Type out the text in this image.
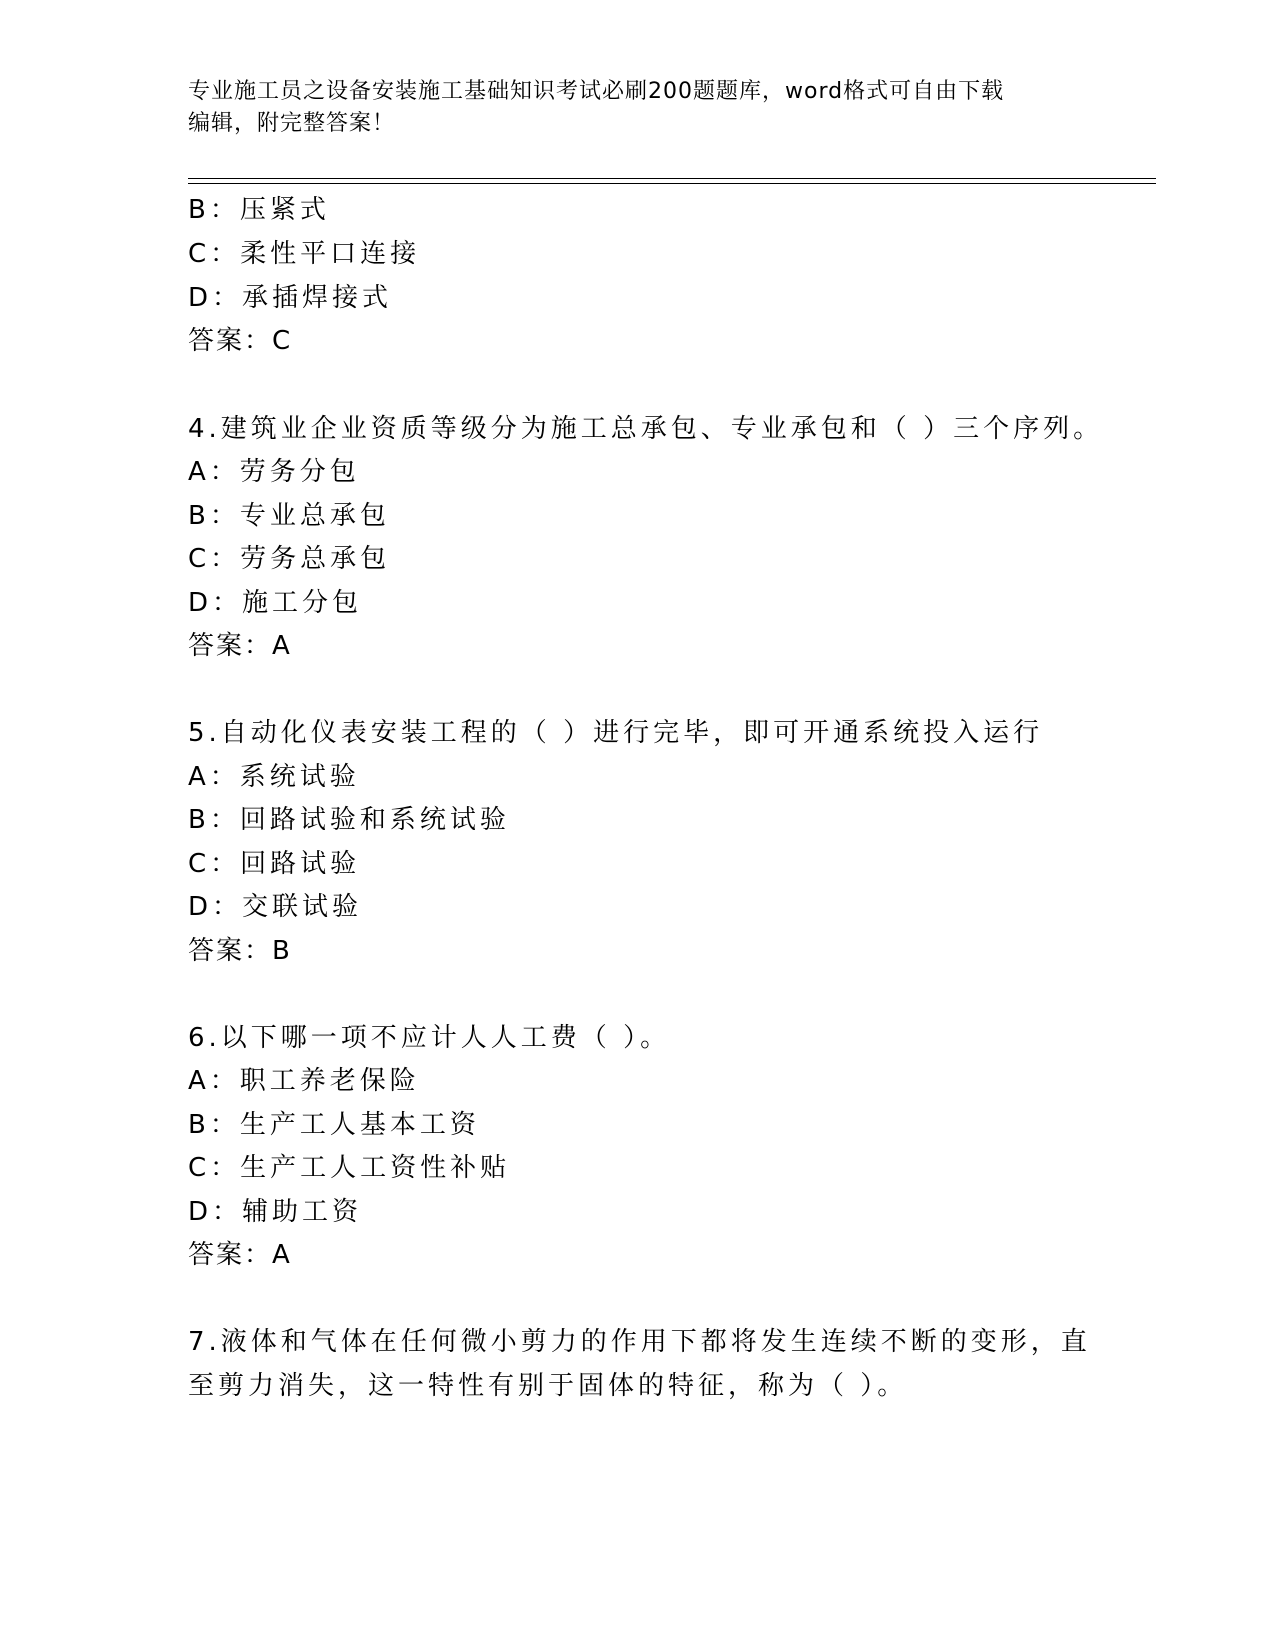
专业施工员之设备安装施工基础知识考试必刷200题题库，word格式可自由下载
编辑，附完整答案！
B：压紧式
C：柔性平口连接
D：承插焊接式
答案：C
4.建筑业企业资质等级分为施工总承包、专业承包和（ ）三个序列。
A：劳务分包
B：专业总承包
C：劳务总承包
D：施工分包
答案：A
5.自动化仪表安装工程的（ ）进行完毕，即可开通系统投入运行
A：系统试验
B：回路试验和系统试验
C：回路试验
D：交联试验
答案：B
6.以下哪一项不应计人人工费（ ）。
A：职工养老保险
B：生产工人基本工资
C：生产工人工资性补贴
D：辅助工资
答案：A
7.液体和气体在任何微小剪力的作用下都将发生连续不断的变形，直
至剪力消失，这一特性有别于固体的特征，称为（ ）。
